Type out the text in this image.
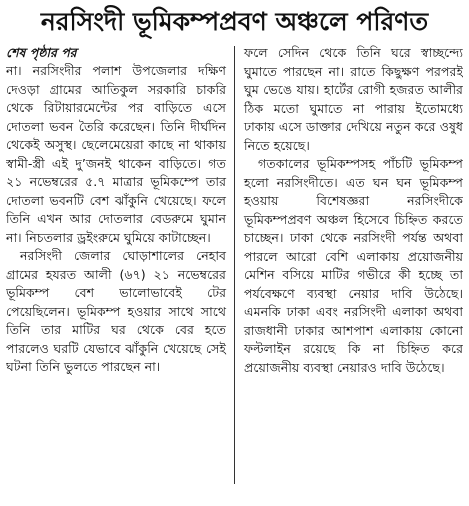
নরসিংদী ভূমিকম্পপ্রবণ অঞ্চলে পরিণত
শেষ পৃষ্ঠার পর

না। নরসিংদীর পলাশ উপজেলার দক্ষিণ দেওড়া গ্রামের আতিকুল সরকারি চাকরি থেকে রিটায়ারমেন্টের পর বাড়িতে এসে দোতলা ভবন তৈরি করেছেন। তিনি দীর্ঘদিন থেকেই অসুস্থ। ছেলেমেয়েরা কাছে না থাকায় স্বামী-স্ত্রী এই দু’জনই থাকেন বাড়িতে। গত ২১ নভেম্বরের ৫.৭ মাত্রার ভূমিকম্পে তার দোতলা ভবনটি বেশ ঝাঁকুনি খেয়েছে। ফলে তিনি এখন আর দোতলার বেডরুমে ঘুমান না। নিচতলার ড্রইংরুমে ঘুমিয়ে কাটাচ্ছেন।

নরসিংদী জেলার ঘোড়াশালের নেহাব গ্রামের হযরত আলী (৬৭) ২১ নভেম্বরের ভূমিকম্প বেশ ভালোভাবেই টের পেয়েছিলেন। ভূমিকম্প হওয়ার সাথে সাথে তিনি তার মাটির ঘর থেকে বের হতে পারলেও ঘরটি যেভাবে ঝাঁকুনি খেয়েছে সেই ঘটনা তিনি ভুলতে পারছেন না।

ফলে সেদিন থেকে তিনি ঘরে স্বাচ্ছন্দ্যে ঘুমাতে পারছেন না। রাতে কিছুক্ষণ পরপরই ঘুম ভেঙে যায়। হার্টের রোগী হজরত আলীর ঠিক মতো ঘুমাতে না পারায় ইতোমধ্যে ঢাকায় এসে ডাক্তার দেখিয়ে নতুন করে ওষুধ নিতে হয়েছে।

গতকালের ভূমিকম্পসহ পাঁচটি ভূমিকম্প হলো নরসিংদীতে। এত ঘন ঘন ভূমিকম্প হওয়ায় বিশেষজ্ঞরা নরসিংদীকে ভূমিকম্পপ্রবণ অঞ্চল হিসেবে চিহ্নিত করতে চাচ্ছেন। ঢাকা থেকে নরসিংদী পর্যন্ত অথবা পারলে আরো বেশি এলাকায় প্রয়োজনীয় মেশিন বসিয়ে মাটির গভীরে কী হচ্ছে তা পর্যবেক্ষণে ব্যবস্থা নেয়ার দাবি উঠেছে। এমনকি ঢাকা এবং নরসিংদী এলাকা অথবা রাজধানী ঢাকার আশপাশ এলাকায় কোনো ফল্টলাইন রয়েছে কি না চিহ্নিত করে প্রয়োজনীয় ব্যবস্থা নেয়ারও দাবি উঠেছে।
